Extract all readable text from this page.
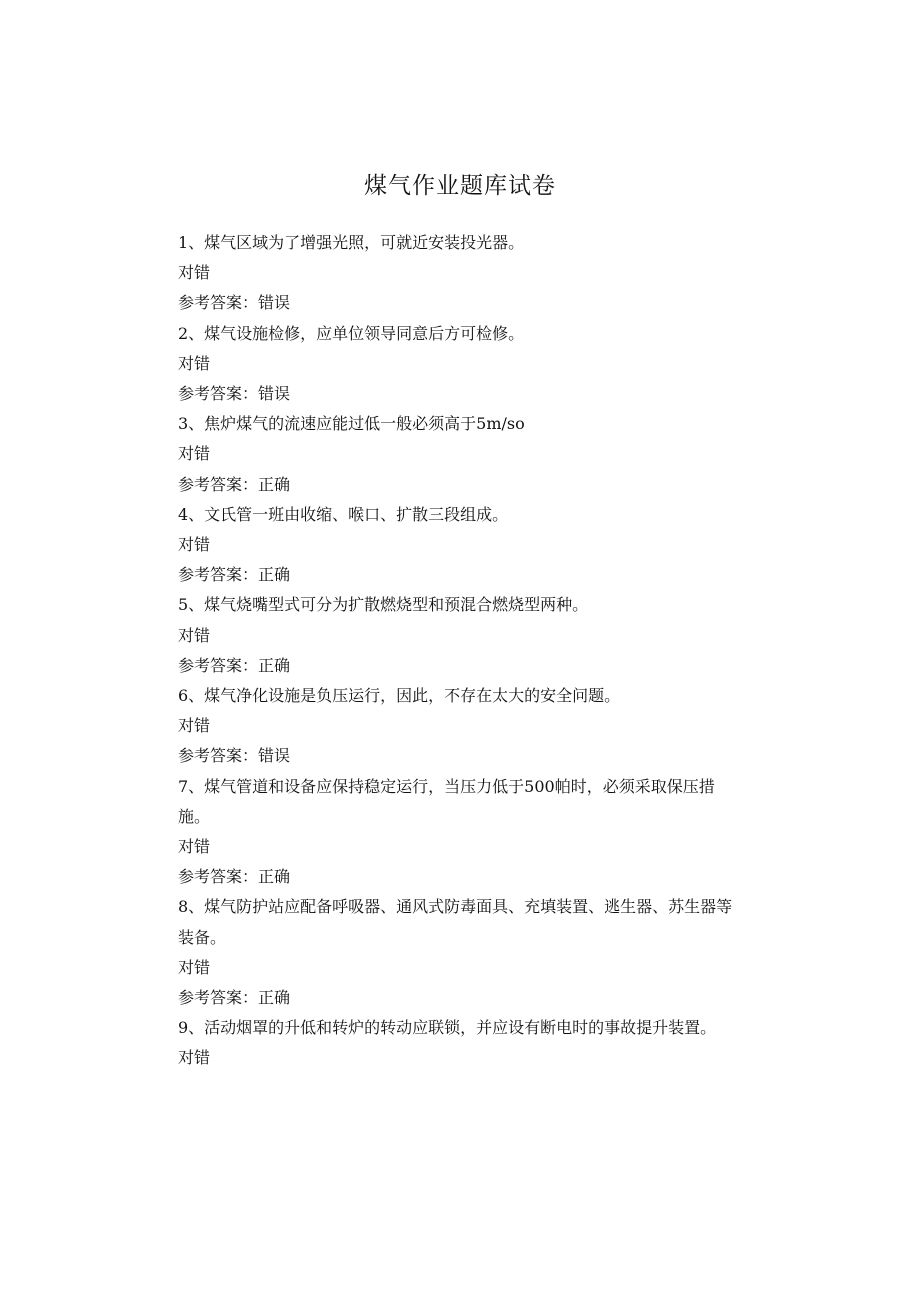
煤气作业题库试卷
1、煤气区域为了增强光照，可就近安装投光器。
对错
参考答案：错误
2、煤气设施检修，应单位领导同意后方可检修。
对错
参考答案：错误
3、焦炉煤气的流速应能过低一般必须高于5m∕so
对错
参考答案：正确
4、文氏管一班由收缩、喉口、扩散三段组成。
对错
参考答案：正确
5、煤气烧嘴型式可分为扩散燃烧型和预混合燃烧型两种。
对错
参考答案：正确
6、煤气净化设施是负压运行，因此，不存在太大的安全问题。
对错
参考答案：错误
7、煤气管道和设备应保持稳定运行，当压力低于500帕时，必须采取保压措施。
对错
参考答案：正确
8、煤气防护站应配备呼吸器、通风式防毒面具、充填装置、逃生器、苏生器等装备。
对错
参考答案：正确
9、活动烟罩的升低和转炉的转动应联锁，并应设有断电时的事故提升装置。
对错
